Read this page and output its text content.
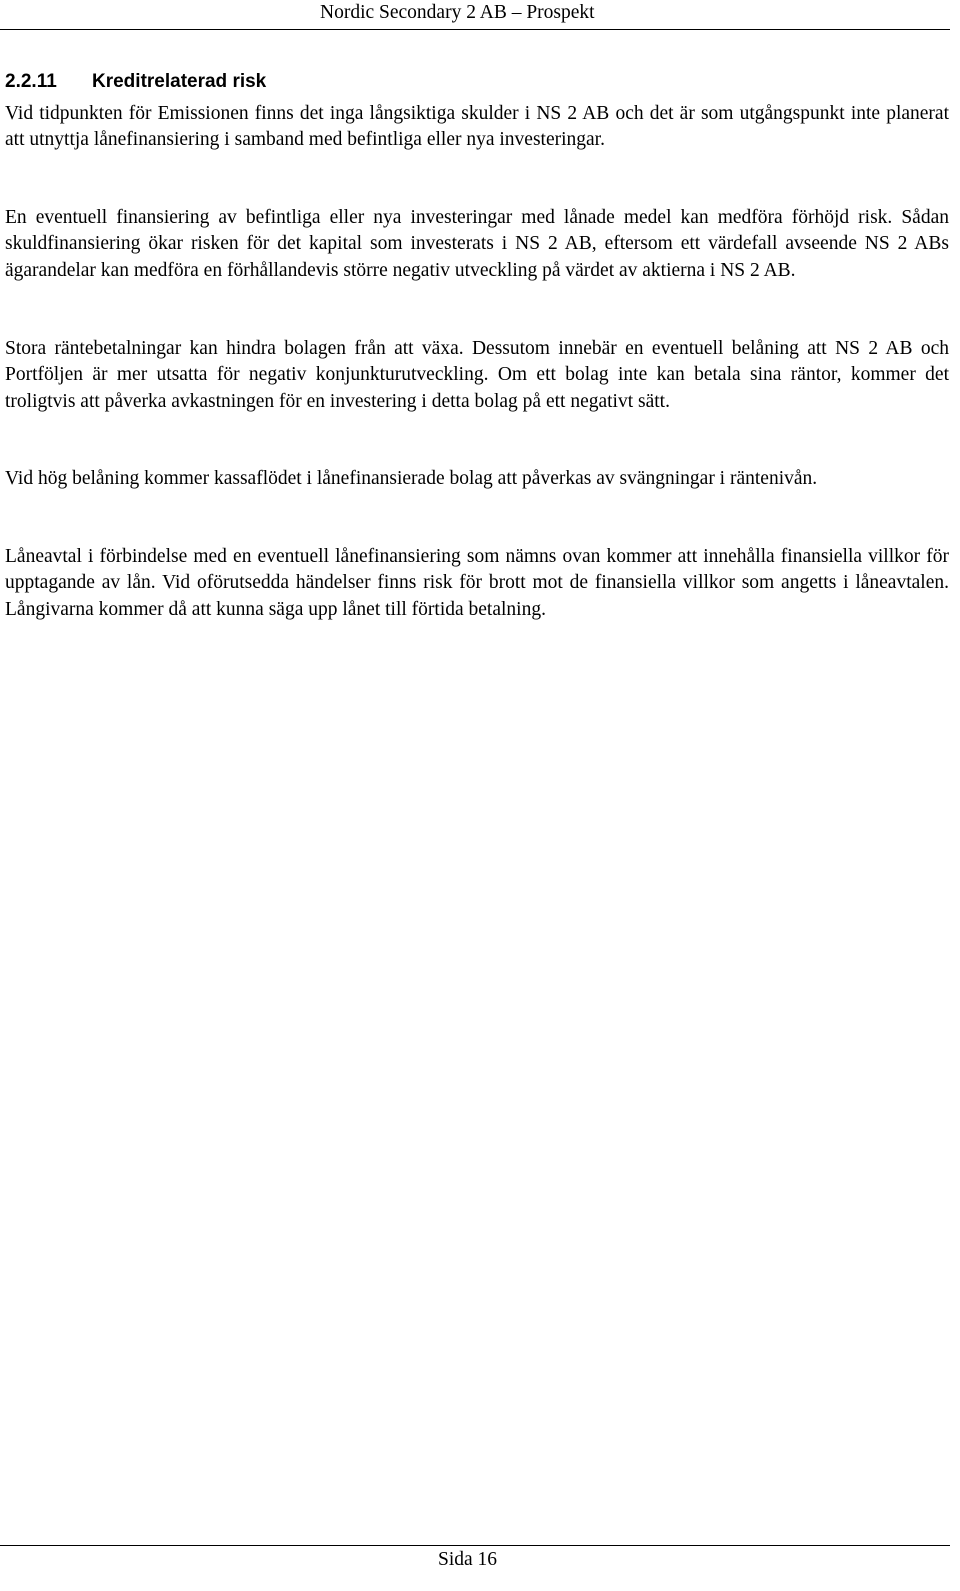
Nordic Secondary 2 AB – Prospekt
2.2.11 Kreditrelaterad risk

Vid tidpunkten för Emissionen finns det inga långsiktiga skulder i NS 2 AB och det är som utgångspunkt inte planerat att utnyttja lånefinansiering i samband med befintliga eller nya investeringar.

En eventuell finansiering av befintliga eller nya investeringar med lånade medel kan medföra förhöjd risk. Sådan skuldfinansiering ökar risken för det kapital som investerats i NS 2 AB, eftersom ett värdefall avseende NS 2 ABs ägarandelar kan medföra en förhållandevis större negativ utveckling på värdet av aktierna i NS 2 AB.

Stora räntebetalningar kan hindra bolagen från att växa. Dessutom innebär en eventuell belåning att NS 2 AB och Portföljen är mer utsatta för negativ konjunkturutveckling. Om ett bolag inte kan betala sina räntor, kommer det troligtvis att påverka avkastningen för en investering i detta bolag på ett negativt sätt.

Vid hög belåning kommer kassaflödet i lånefinansierade bolag att påverkas av svängningar i räntenivån.

Låneavtal i förbindelse med en eventuell lånefinansiering som nämns ovan kommer att innehålla finansiella villkor för upptagande av lån. Vid oförutsedda händelser finns risk för brott mot de finansiella villkor som angetts i låneavtalen. Långivarna kommer då att kunna säga upp lånet till förtida betalning.

Sida 16
